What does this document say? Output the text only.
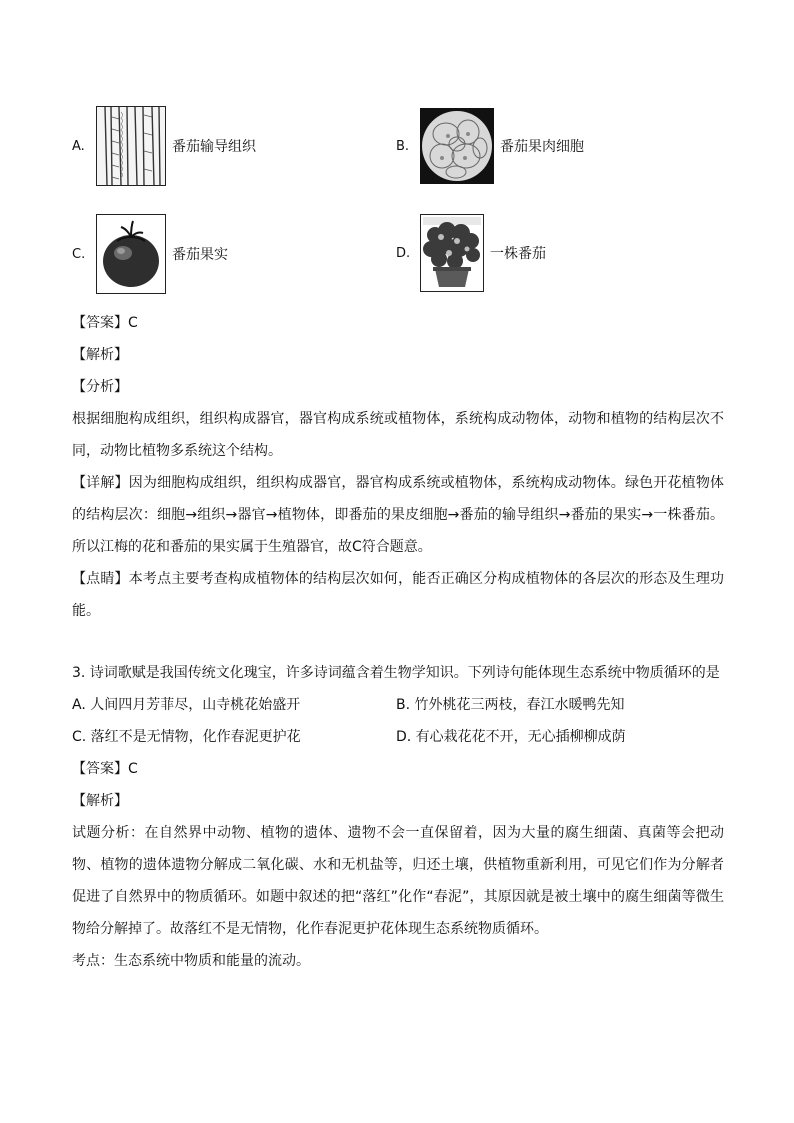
A.	番茄输导组织	B.	番茄果肉细胞
C.	番茄果实	D.	一株番茄
【答案】C
【解析】
【分析】
根据细胞构成组织，组织构成器官，器官构成系统或植物体，系统构成动物体，动物和植物的结构层次不同，动物比植物多系统这个结构。
【详解】因为细胞构成组织，组织构成器官，器官构成系统或植物体，系统构成动物体。绿色开花植物体的结构层次：细胞→组织→器官→植物体，即番茄的果皮细胞→番茄的输导组织→番茄的果实→一株番茄。所以江梅的花和番茄的果实属于生殖器官，故C符合题意。
【点睛】本考点主要考查构成植物体的结构层次如何，能否正确区分构成植物体的各层次的形态及生理功能。
3. 诗词歌赋是我国传统文化瑰宝，许多诗词蕴含着生物学知识。下列诗句能体现生态系统中物质循环的是
A. 人间四月芳菲尽，山寺桃花始盛开	B. 竹外桃花三两枝，春江水暖鸭先知
C. 落红不是无情物，化作春泥更护花	D. 有心栽花花不开，无心插柳柳成荫
【答案】C
【解析】
试题分析：在自然界中动物、植物的遗体、遗物不会一直保留着，因为大量的腐生细菌、真菌等会把动物、植物的遗体遗物分解成二氧化碳、水和无机盐等，归还土壤，供植物重新利用，可见它们作为分解者促进了自然界中的物质循环。如题中叙述的把“落红”化作“春泥”，其原因就是被土壤中的腐生细菌等微生物给分解掉了。故落红不是无情物，化作春泥更护花体现生态系统物质循环。
考点：生态系统中物质和能量的流动。
